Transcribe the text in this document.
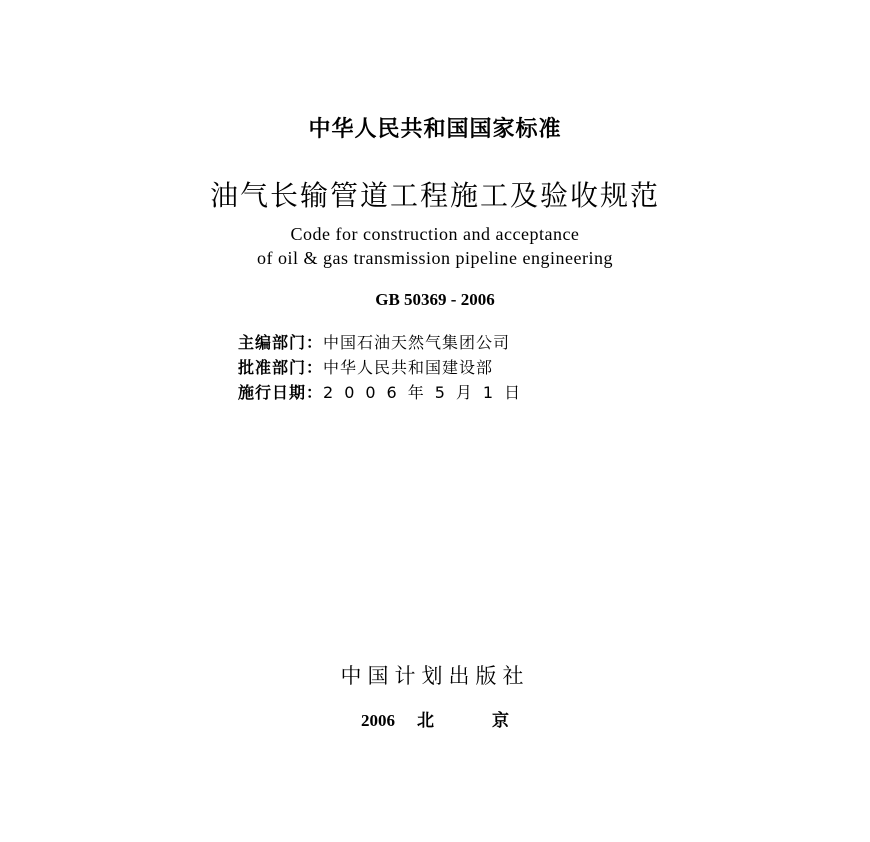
中华人民共和国国家标准
油气长输管道工程施工及验收规范
Code for construction and acceptance
of oil & gas transmission pipeline engineering
GB 50369 - 2006
主编部门：中国石油天然气集团公司
批准部门：中华人民共和国建设部
施行日期：2006年5月1日
中国计划出版社
2006 北	京
